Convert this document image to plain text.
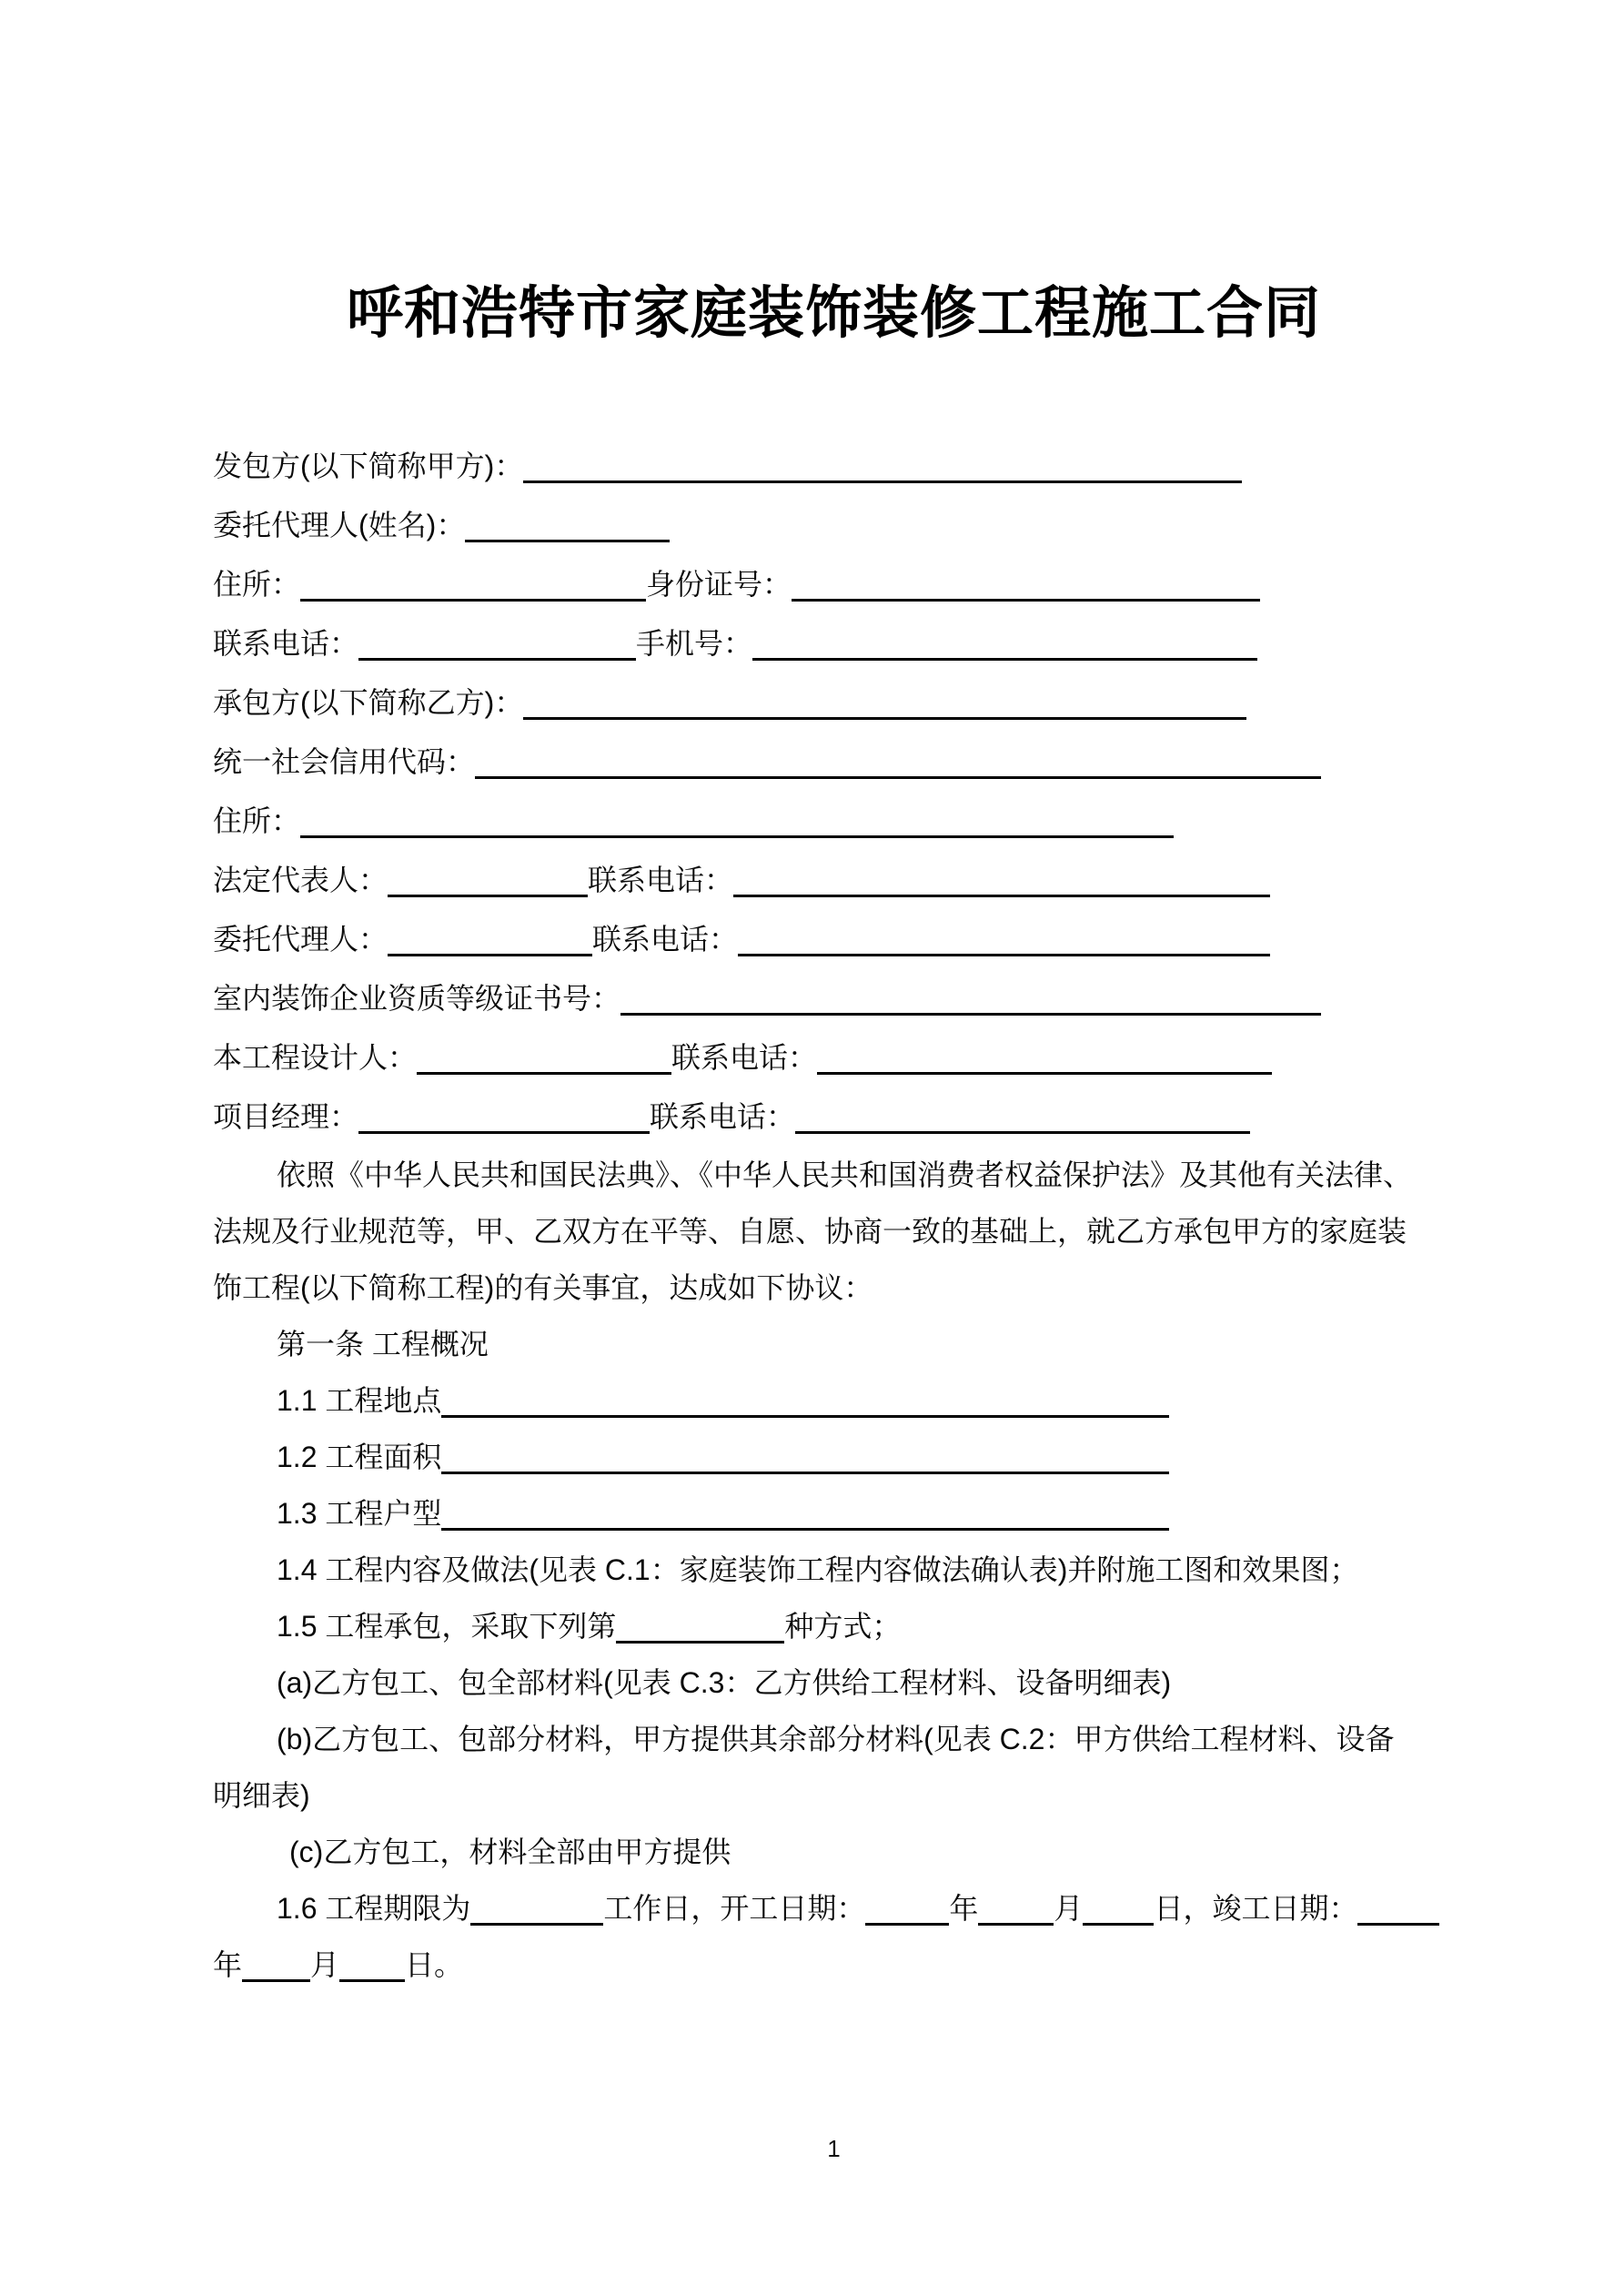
呼和浩特市家庭装饰装修工程施工合同
发包方(以下简称甲方)：
委托代理人(姓名)：
住所：	身份证号：
联系电话：	手机号：
承包方(以下简称乙方)：
统一社会信用代码：
住所：
法定代表人：	联系电话：
委托代理人：	联系电话：
室内装饰企业资质等级证书号：
本工程设计人：	联系电话：
项目经理：	联系电话：
依照《中华人民共和国民法典》、《中华人民共和国消费者权益保护法》及其他有关法律、
法规及行业规范等，甲、乙双方在平等、自愿、协商一致的基础上，就乙方承包甲方的家庭装
饰工程(以下简称工程)的有关事宜，达成如下协议：
第一条 工程概况
1.1 工程地点
1.2 工程面积
1.3 工程户型
1.4 工程内容及做法(见表 C.1：家庭装饰工程内容做法确认表)并附施工图和效果图；
1.5 工程承包，采取下列第	种方式；
(a)乙方包工、包全部材料(见表 C.3：乙方供给工程材料、设备明细表)
(b)乙方包工、包部分材料，甲方提供其余部分材料(见表 C.2：甲方供给工程材料、设备
明细表)
(c)乙方包工，材料全部由甲方提供
1.6 工程期限为	工作日，开工日期：	年	月 日，竣工日期：
年 月 日。
1
